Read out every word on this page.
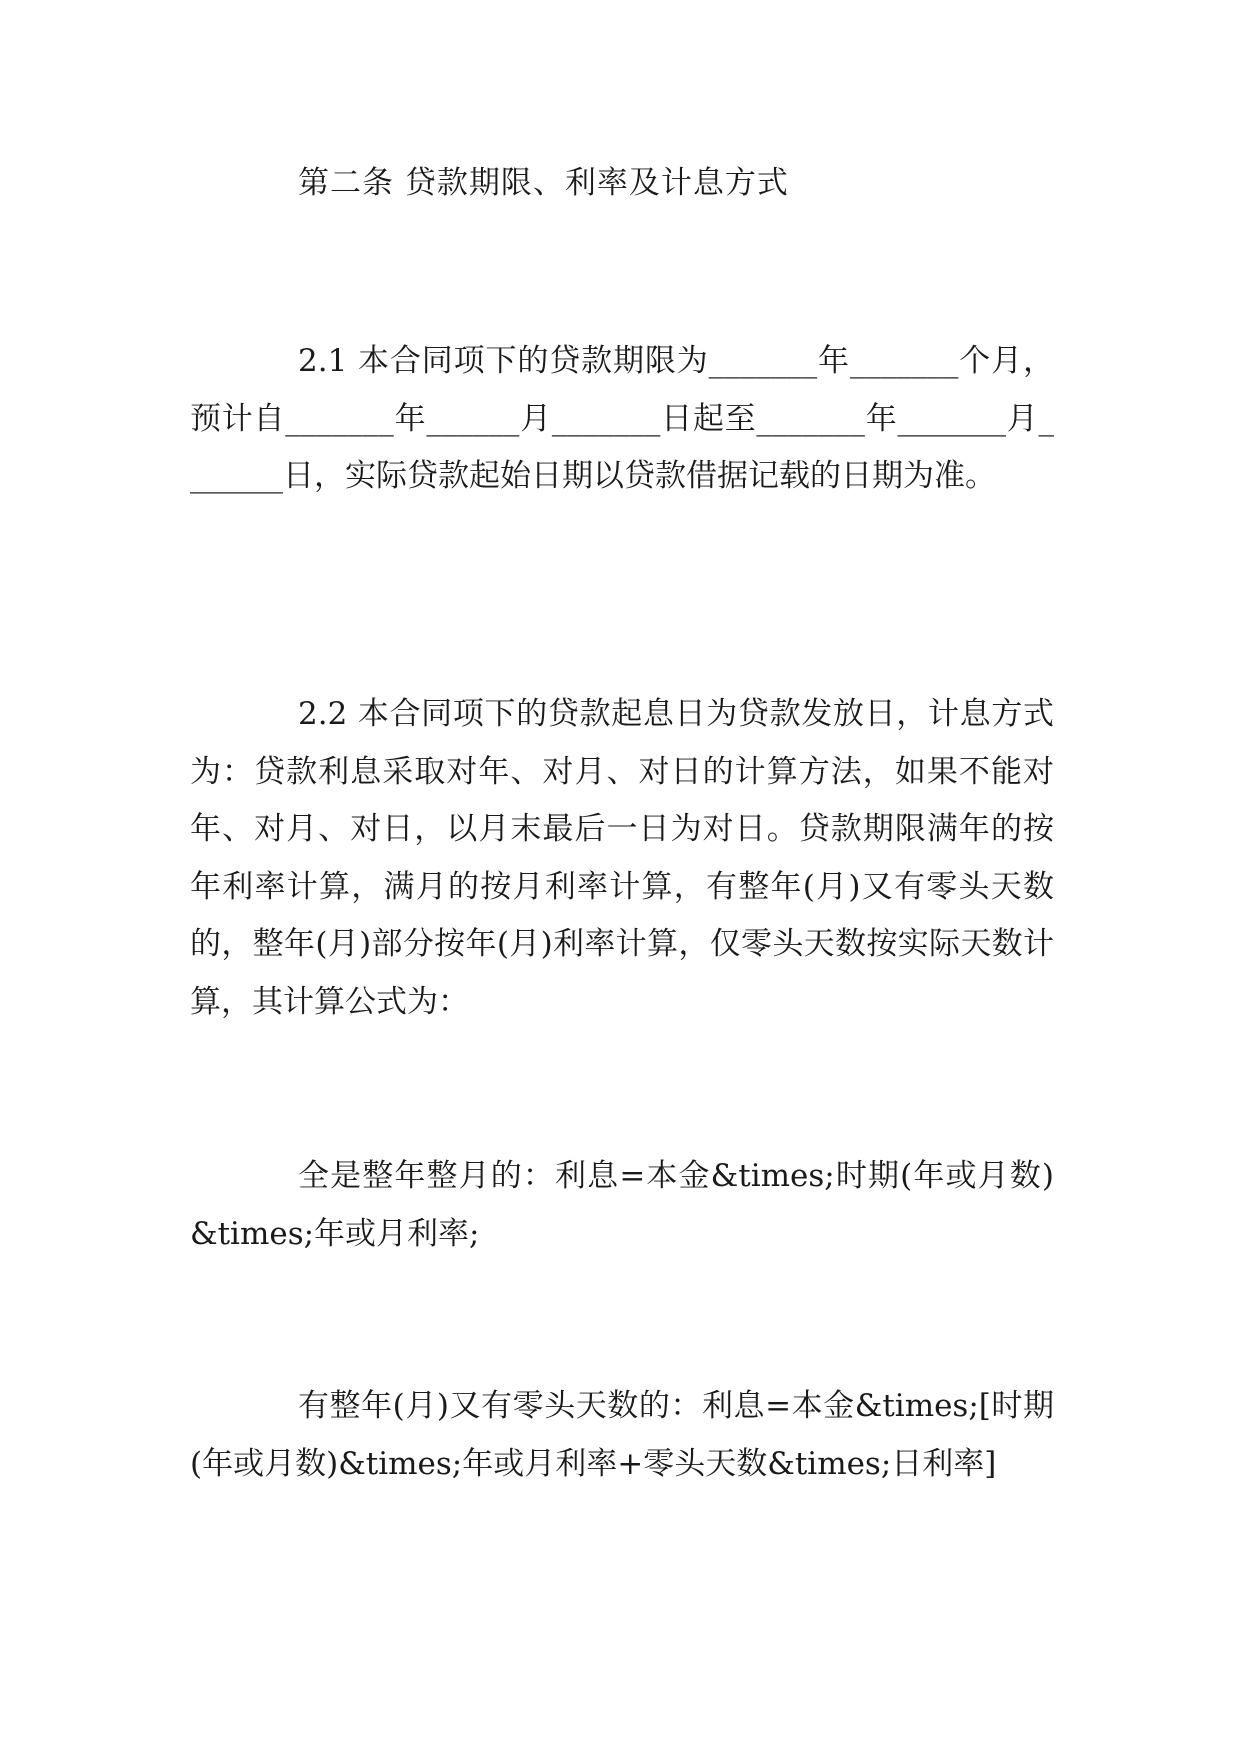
第二条 贷款期限、利率及计息方式

2.1 本合同项下的贷款期限为_______年_______个月，预计自_______年______月_______日起至_______年_______月_______日，实际贷款起始日期以贷款借据记载的日期为准。

2.2 本合同项下的贷款起息日为贷款发放日，计息方式为：贷款利息采取对年、对月、对日的计算方法，如果不能对年、对月、对日，以月末最后一日为对日。贷款期限满年的按年利率计算，满月的按月利率计算，有整年(月)又有零头天数的，整年(月)部分按年(月)利率计算，仅零头天数按实际天数计算，其计算公式为：

全是整年整月的：利息=本金&times;时期(年或月数)&times;年或月利率;

有整年(月)又有零头天数的：利息=本金&times;[时期(年或月数)&times;年或月利率+零头天数&times;日利率]
